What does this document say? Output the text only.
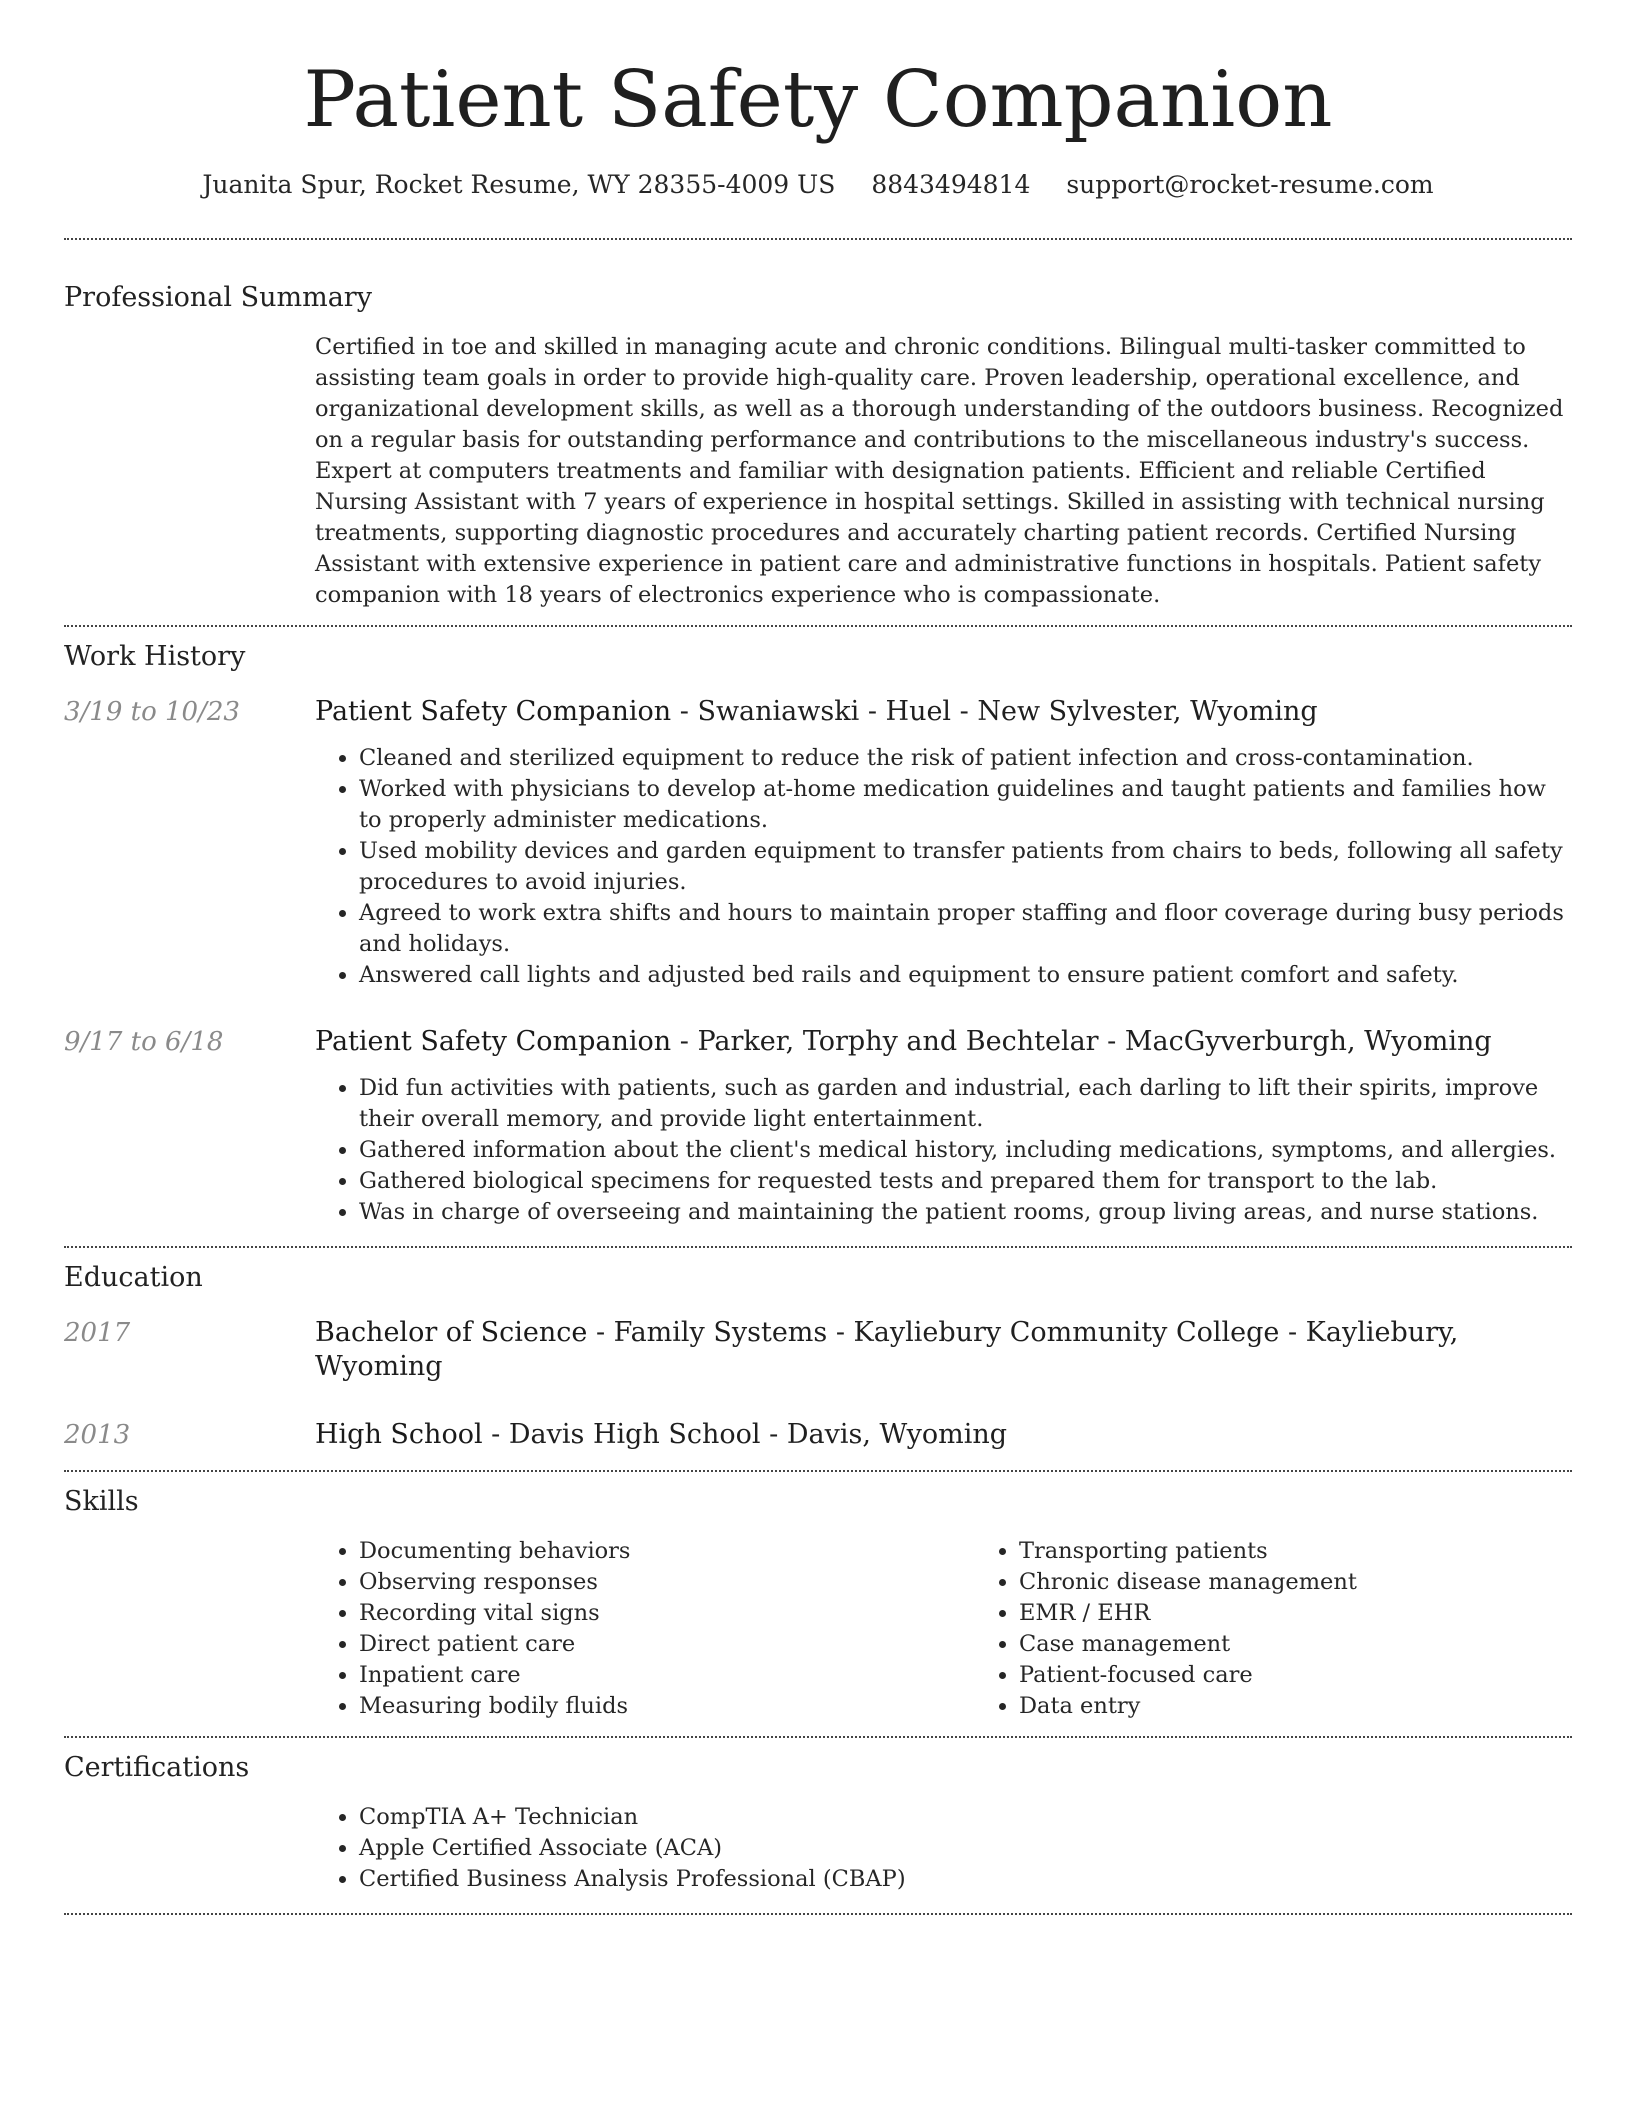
Patient Safety Companion
Juanita Spur, Rocket Resume, WY 28355-4009 US 8843494814 support@rocket-resume.com
Professional Summary
Certified in toe and skilled in managing acute and chronic conditions. Bilingual multi-tasker committed to assisting team goals in order to provide high-quality care. Proven leadership, operational excellence, and organizational development skills, as well as a thorough understanding of the outdoors business. Recognized on a regular basis for outstanding performance and contributions to the miscellaneous industry's success. Expert at computers treatments and familiar with designation patients. Efficient and reliable Certified Nursing Assistant with 7 years of experience in hospital settings. Skilled in assisting with technical nursing treatments, supporting diagnostic procedures and accurately charting patient records. Certified Nursing Assistant with extensive experience in patient care and administrative functions in hospitals. Patient safety companion with 18 years of electronics experience who is compassionate.
Work History
3/19 to 10/23	Patient Safety Companion - Swaniawski - Huel - New Sylvester, Wyoming
• Cleaned and sterilized equipment to reduce the risk of patient infection and cross-contamination.
• Worked with physicians to develop at-home medication guidelines and taught patients and families how to properly administer medications.
• Used mobility devices and garden equipment to transfer patients from chairs to beds, following all safety procedures to avoid injuries.
• Agreed to work extra shifts and hours to maintain proper staffing and floor coverage during busy periods and holidays.
• Answered call lights and adjusted bed rails and equipment to ensure patient comfort and safety.
9/17 to 6/18	Patient Safety Companion - Parker, Torphy and Bechtelar - MacGyverburgh, Wyoming
• Did fun activities with patients, such as garden and industrial, each darling to lift their spirits, improve their overall memory, and provide light entertainment.
• Gathered information about the client's medical history, including medications, symptoms, and allergies.
• Gathered biological specimens for requested tests and prepared them for transport to the lab.
• Was in charge of overseeing and maintaining the patient rooms, group living areas, and nurse stations.
Education
2017	Bachelor of Science - Family Systems - Kayliebury Community College - Kayliebury, Wyoming
2013	High School - Davis High School - Davis, Wyoming
Skills
• Documenting behaviors
• Observing responses
• Recording vital signs
• Direct patient care
• Inpatient care
• Measuring bodily fluids
• Transporting patients
• Chronic disease management
• EMR / EHR
• Case management
• Patient-focused care
• Data entry
Certifications
• CompTIA A+ Technician
• Apple Certified Associate (ACA)
• Certified Business Analysis Professional (CBAP)
